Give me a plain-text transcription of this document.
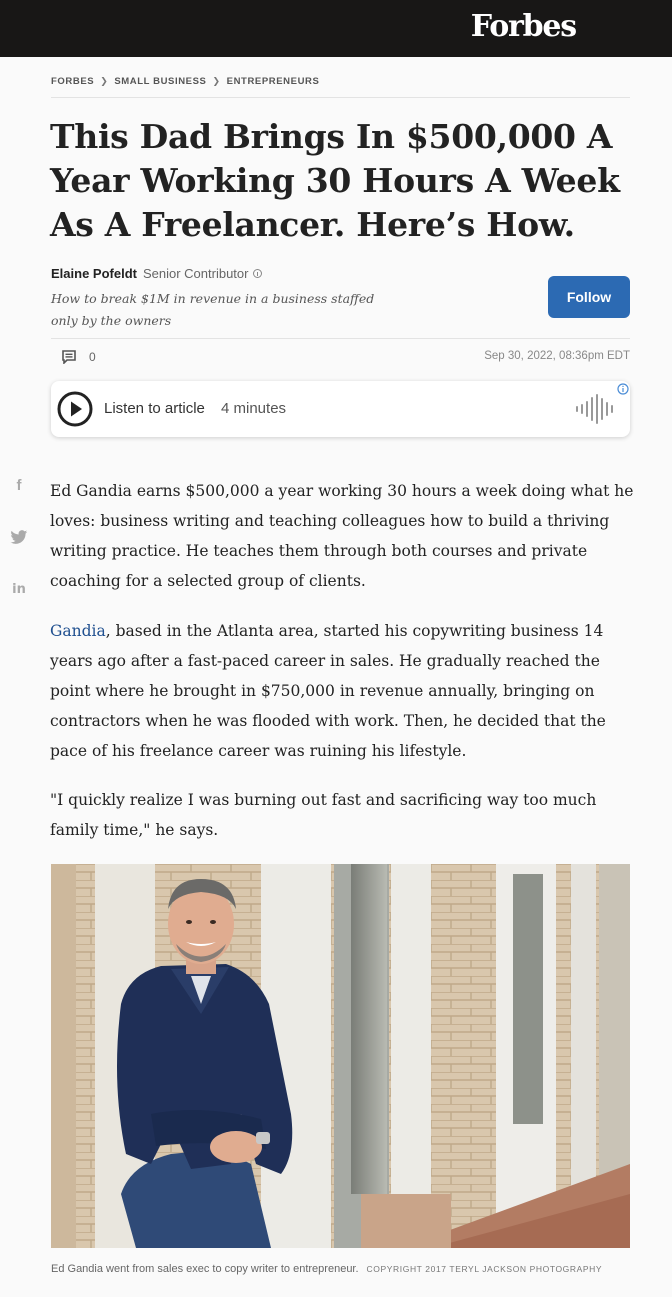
Forbes
FORBES ❯ SMALL BUSINESS ❯ ENTREPRENEURS
This Dad Brings In $500,000 A Year Working 30 Hours A Week As A Freelancer. Here’s How.
Elaine Pofeldt Senior Contributor
How to break $1M in revenue in a business staffed only by the owners
Follow
0	Sep 30, 2022, 08:36pm EDT
Listen to article 4 minutes
f
in

Ed Gandia earns $500,000 a year working 30 hours a week doing what he loves: business writing and teaching colleagues how to build a thriving writing practice. He teaches them through both courses and private coaching for a selected group of clients.

Gandia, based in the Atlanta area, started his copywriting business 14 years ago after a fast-paced career in sales. He gradually reached the point where he brought in $750,000 in revenue annually, bringing on contractors when he was flooded with work. Then, he decided that the pace of his freelance career was ruining his lifestyle.

"I quickly realize I was burning out fast and sacrificing way too much family time," he says.

Ed Gandia went from sales exec to copy writer to entrepreneur. COPYRIGHT 2017 TERYL JACKSON PHOTOGRAPHY
